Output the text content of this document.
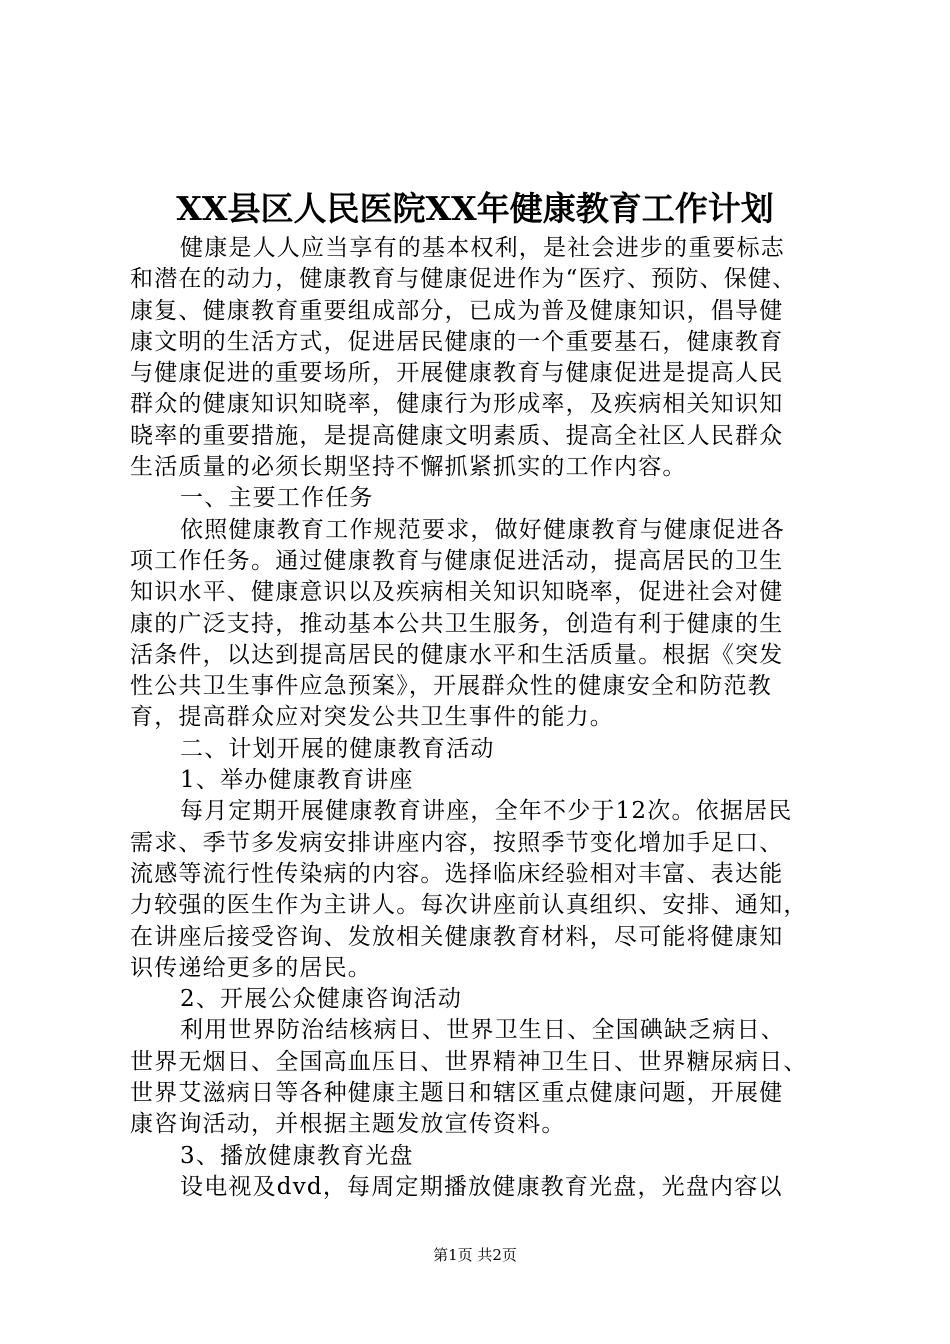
XX县区人民医院XX年健康教育工作计划
健康是人人应当享有的基本权利，是社会进步的重要标志
和潜在的动力，健康教育与健康促进作为“医疗、预防、保健、
康复、健康教育重要组成部分，已成为普及健康知识，倡导健
康文明的生活方式，促进居民健康的一个重要基石，健康教育
与健康促进的重要场所，开展健康教育与健康促进是提高人民
群众的健康知识知晓率，健康行为形成率，及疾病相关知识知
晓率的重要措施，是提高健康文明素质、提高全社区人民群众
生活质量的必须长期坚持不懈抓紧抓实的工作内容。
一、主要工作任务
依照健康教育工作规范要求，做好健康教育与健康促进各
项工作任务。通过健康教育与健康促进活动，提高居民的卫生
知识水平、健康意识以及疾病相关知识知晓率，促进社会对健
康的广泛支持，推动基本公共卫生服务，创造有利于健康的生
活条件，以达到提高居民的健康水平和生活质量。根据《突发
性公共卫生事件应急预案》，开展群众性的健康安全和防范教
育，提高群众应对突发公共卫生事件的能力。
二、计划开展的健康教育活动
1、举办健康教育讲座
每月定期开展健康教育讲座，全年不少于12次。依据居民
需求、季节多发病安排讲座内容，按照季节变化增加手足口、
流感等流行性传染病的内容。选择临床经验相对丰富、表达能
力较强的医生作为主讲人。每次讲座前认真组织、安排、通知，
在讲座后接受咨询、发放相关健康教育材料，尽可能将健康知
识传递给更多的居民。
2、开展公众健康咨询活动
利用世界防治结核病日、世界卫生日、全国碘缺乏病日、
世界无烟日、全国高血压日、世界精神卫生日、世界糖尿病日、
世界艾滋病日等各种健康主题日和辖区重点健康问题，开展健
康咨询活动，并根据主题发放宣传资料。
3、播放健康教育光盘
设电视及dvd，每周定期播放健康教育光盘，光盘内容以
第1页 共2页
